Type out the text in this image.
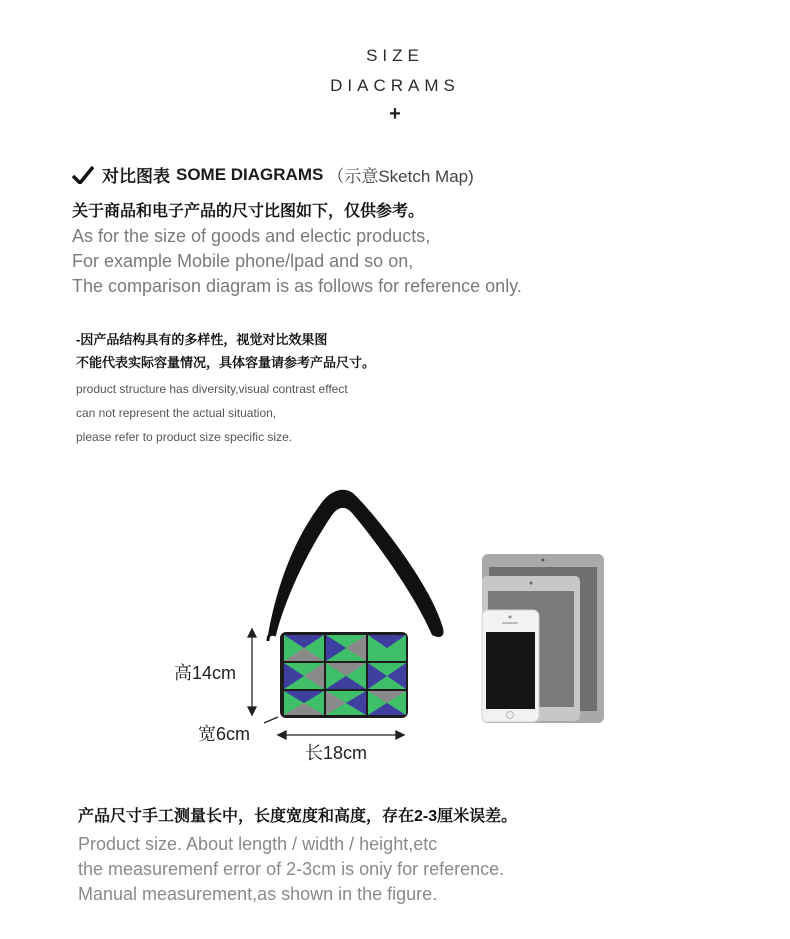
SIZE
DIACRAMS
+
对比图表 SOME DIAGRAMS （示意Sketch Map)
关于商品和电子产品的尺寸比图如下，仅供参考。
As for the size of goods and electic products,
For example Mobile phone/lpad and so on,
The comparison diagram is as follows for reference only.
-因产品结构具有的多样性，视觉对比效果图
不能代表实际容量情况，具体容量请参考产品尺寸。
product structure has diversity,visual contrast effect
can not represent the actual situation,
please refer to product size specific size.
高14cm
宽6cm
长18cm
产品尺寸手工测量长中，长度宽度和高度，存在2-3厘米误差。
Product size. About length / width / height,etc
the measuremenf error of 2-3cm is oniy for reference.
Manual measurement,as shown in the figure.
